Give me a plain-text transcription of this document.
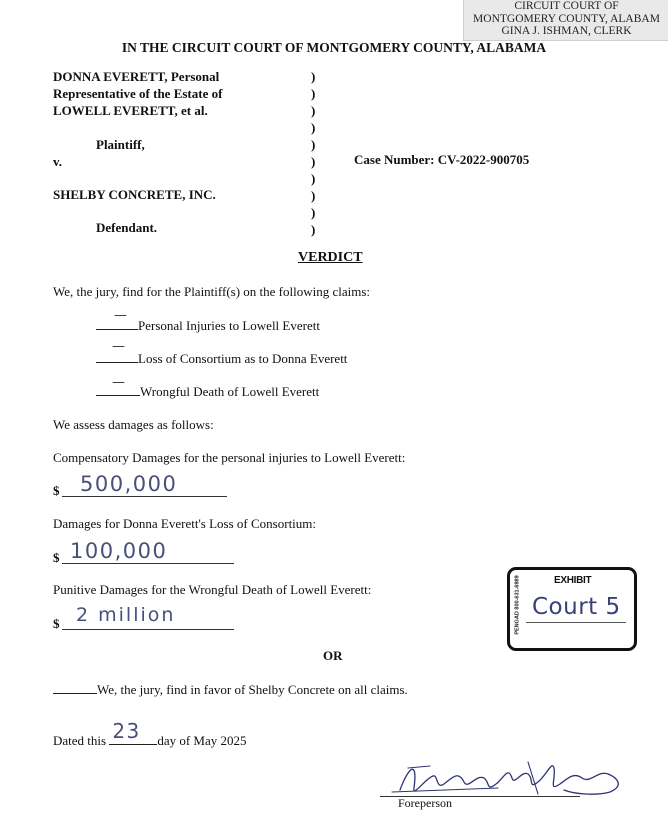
CIRCUIT COURT OF
MONTGOMERY COUNTY, ALABAM
GINA J. ISHMAN, CLERK
IN THE CIRCUIT COURT OF MONTGOMERY COUNTY, ALABAMA
DONNA EVERETT, Personal
Representative of the Estate of
LOWELL EVERETT, et al.
Plaintiff,
v.
SHELBY CONCRETE, INC.
Defendant.
)
)
)
)
)
)
)
)
)
)
Case Number: CV-2022-900705
VERDICT
We, the jury, find for the Plaintiff(s) on the following claims:
—
Personal Injuries to Lowell Everett
—
Loss of Consortium as to Donna Everett
—
Wrongful Death of Lowell Everett
We assess damages as follows:
Compensatory Damages for the personal injuries to Lowell Everett:
$ 500,000
Damages for Donna Everett's Loss of Consortium:
$ 100,000
Punitive Damages for the Wrongful Death of Lowell Everett:
$ 2 million
OR
We, the jury, find in favor of Shelby Concrete on all claims.
Dated this 23 day of May 2025
EXHIBIT
PENGAD 800-631-6989 Court 5
Foreperson
